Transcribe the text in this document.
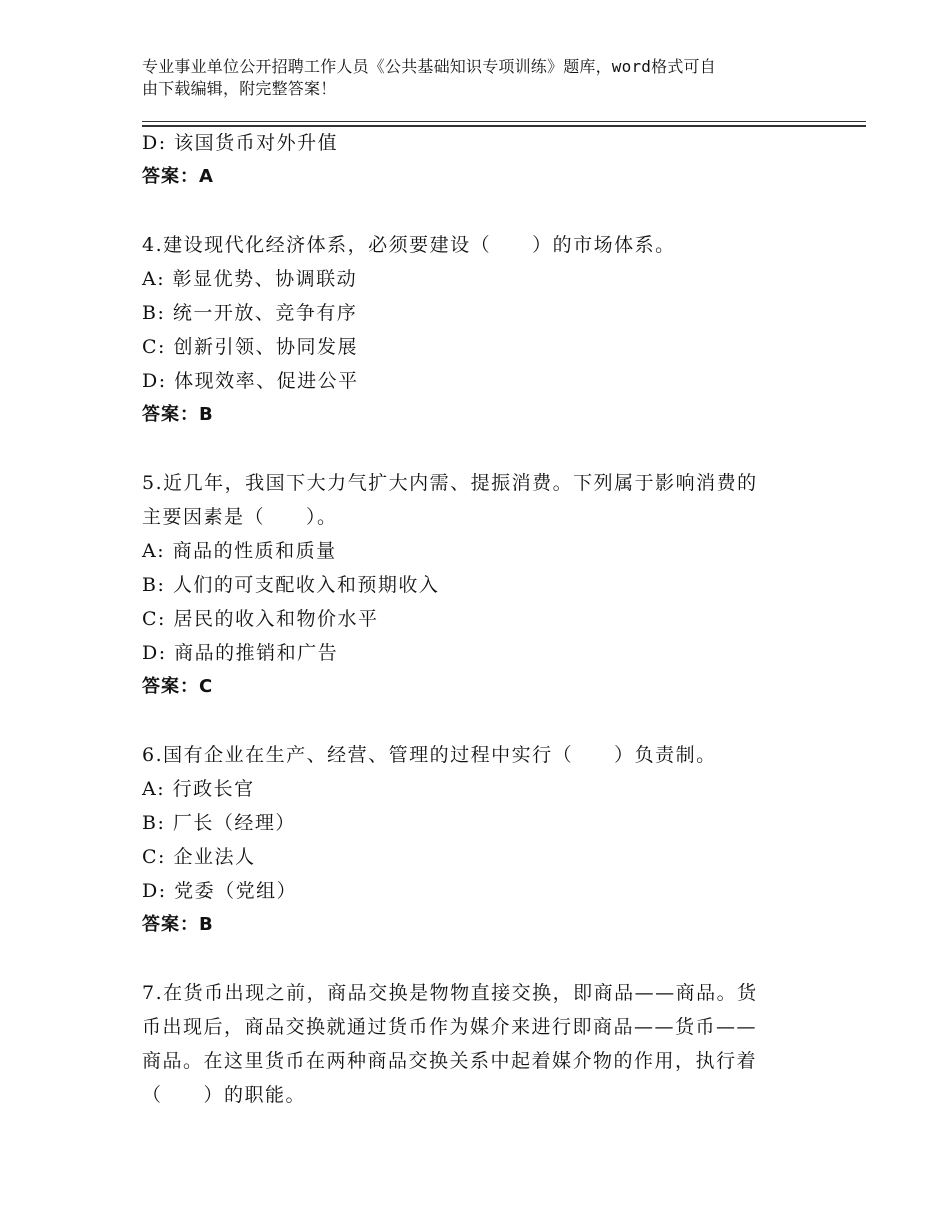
专业事业单位公开招聘工作人员《公共基础知识专项训练》题库，word格式可自
由下载编辑，附完整答案！
D: 该国货币对外升值
答案：A
4.建设现代化经济体系，必须要建设（　　）的市场体系。
A: 彰显优势、协调联动
B: 统一开放、竞争有序
C: 创新引领、协同发展
D: 体现效率、促进公平
答案：B
5.近几年，我国下大力气扩大内需、提振消费。下列属于影响消费的
主要因素是（　　）。
A: 商品的性质和质量
B: 人们的可支配收入和预期收入
C: 居民的收入和物价水平
D: 商品的推销和广告
答案：C
6.国有企业在生产、经营、管理的过程中实行（　　）负责制。
A: 行政长官
B: 厂长（经理）
C: 企业法人
D: 党委（党组）
答案：B
7.在货币出现之前，商品交换是物物直接交换，即商品——商品。货
币出现后，商品交换就通过货币作为媒介来进行即商品——货币——
商品。在这里货币在两种商品交换关系中起着媒介物的作用，执行着
（　　）的职能。
